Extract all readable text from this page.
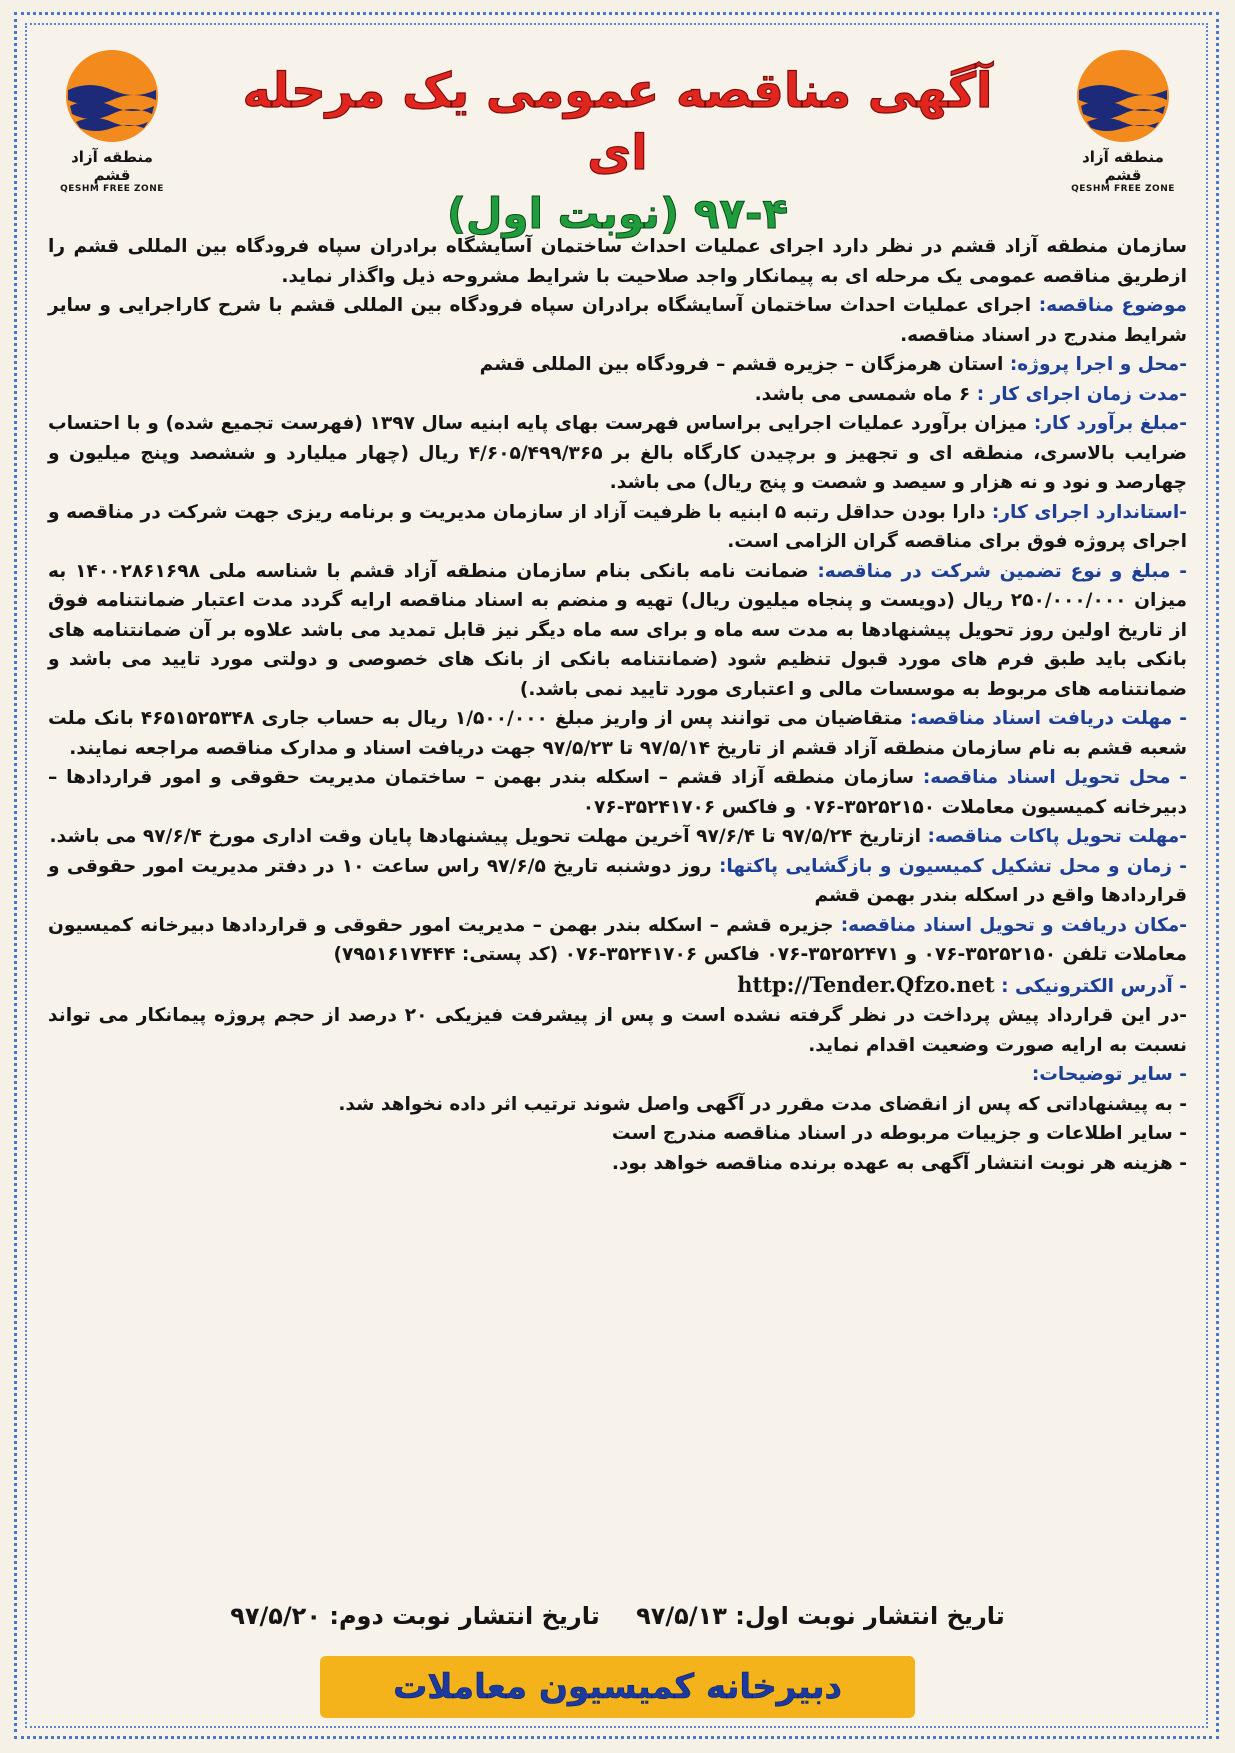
منطقه آزاد قشم
QESHM FREE ZONE
منطقه آزاد قشم
QESHM FREE ZONE
آگهی مناقصه عمومی یک مرحله ای
۹۷-۴ (نوبت اول)

سازمان منطقه آزاد قشم در نظر دارد اجرای عملیات احداث ساختمان آسایشگاه برادران سپاه فرودگاه بین المللی قشم را ازطریق مناقصه عمومی یک مرحله ای به پیمانکار واجد صلاحیت با شرایط مشروحه ذیل واگذار نماید.

موضوع مناقصه: اجرای عملیات احداث ساختمان آسایشگاه برادران سپاه فرودگاه بین المللی قشم با شرح کاراجرایی و سایر شرایط مندرج در اسناد مناقصه.

-محل و اجرا پروژه: استان هرمزگان – جزیره قشم – فرودگاه بین المللی قشم

-مدت زمان اجرای کار : ۶ ماه شمسی می باشد.

-مبلغ برآورد کار: میزان برآورد عملیات اجرایی براساس فهرست بهای پایه ابنیه سال ۱۳۹۷ (فهرست تجمیع شده) و با احتساب ضرایب بالاسری، منطقه ای و تجهیز و برچیدن کارگاه بالغ بر ۴/۶۰۵/۴۹۹/۳۶۵ ریال (چهار میلیارد و ششصد وپنج میلیون و چهارصد و نود و نه هزار و سیصد و شصت و پنج ریال) می باشد.

-استاندارد اجرای کار: دارا بودن حداقل رتبه ۵ ابنیه با ظرفیت آزاد از سازمان مدیریت و برنامه ریزی جهت شرکت در مناقصه و اجرای پروژه فوق برای مناقصه گران الزامی است.

- مبلغ و نوع تضمین شرکت در مناقصه: ضمانت نامه بانکی بنام سازمان منطقه آزاد قشم با شناسه ملی ۱۴۰۰۲۸۶۱۶۹۸ به میزان ۲۵۰/۰۰۰/۰۰۰ ریال (دویست و پنجاه میلیون ریال) تهیه و منضم به اسناد مناقصه ارایه گردد مدت اعتبار ضمانتنامه فوق از تاریخ اولین روز تحویل پیشنهادها به مدت سه ماه و برای سه ماه دیگر نیز قابل تمدید می باشد علاوه بر آن ضمانتنامه های بانکی باید طبق فرم های مورد قبول تنظیم شود (ضمانتنامه بانکی از بانک های خصوصی و دولتی مورد تایید می باشد و ضمانتنامه های مربوط به موسسات مالی و اعتباری مورد تایید نمی باشد.)

- مهلت دریافت اسناد مناقصه: متقاضیان می توانند پس از واریز مبلغ ۱/۵۰۰/۰۰۰ ریال به حساب جاری ۴۶۵۱۵۲۵۳۴۸ بانک ملت شعبه قشم به نام سازمان منطقه آزاد قشم از تاریخ ۹۷/۵/۱۴ تا ۹۷/۵/۲۳ جهت دریافت اسناد و مدارک مناقصه مراجعه نمایند.

- محل تحویل اسناد مناقصه: سازمان منطقه آزاد قشم – اسکله بندر بهمن – ساختمان مدیریت حقوقی و امور قراردادها – دبیرخانه کمیسیون معاملات ۳۵۲۵۲۱۵۰-۰۷۶ و فاکس ۳۵۲۴۱۷۰۶-۰۷۶

-مهلت تحویل پاکات مناقصه: ازتاریخ ۹۷/۵/۲۴ تا ۹۷/۶/۴ آخرین مهلت تحویل پیشنهادها پایان وقت اداری مورخ ۹۷/۶/۴ می باشد.

- زمان و محل تشکیل کمیسیون و بازگشایی پاکتها: روز دوشنبه تاریخ ۹۷/۶/۵ راس ساعت ۱۰ در دفتر مدیریت امور حقوقی و قراردادها واقع در اسکله بندر بهمن قشم

-مکان دریافت و تحویل اسناد مناقصه: جزیره قشم – اسکله بندر بهمن – مدیریت امور حقوقی و قراردادها دبیرخانه کمیسیون معاملات تلفن ۳۵۲۵۲۱۵۰-۰۷۶ و ۳۵۲۵۲۴۷۱-۰۷۶ فاکس ۳۵۲۴۱۷۰۶-۰۷۶ (کد پستی: ۷۹۵۱۶۱۷۴۴۴)

- آدرس الکترونیکی : http://Tender.Qfzo.net

-در این قرارداد پیش پرداخت در نظر گرفته نشده است و پس از پیشرفت فیزیکی ۲۰ درصد از حجم پروژه پیمانکار می تواند نسبت به ارایه صورت وضعیت اقدام نماید.

- سایر توضیحات:

- به پیشنهاداتی که پس از انقضای مدت مقرر در آگهی واصل شوند ترتیب اثر داده نخواهد شد.

- سایر اطلاعات و جزییات مربوطه در اسناد مناقصه مندرج است

- هزینه هر نوبت انتشار آگهی به عهده برنده مناقصه خواهد بود.

تاریخ انتشار نوبت اول: ۹۷/۵/۱۳ تاریخ انتشار نوبت دوم: ۹۷/۵/۲۰
دبیرخانه کمیسیون معاملات
